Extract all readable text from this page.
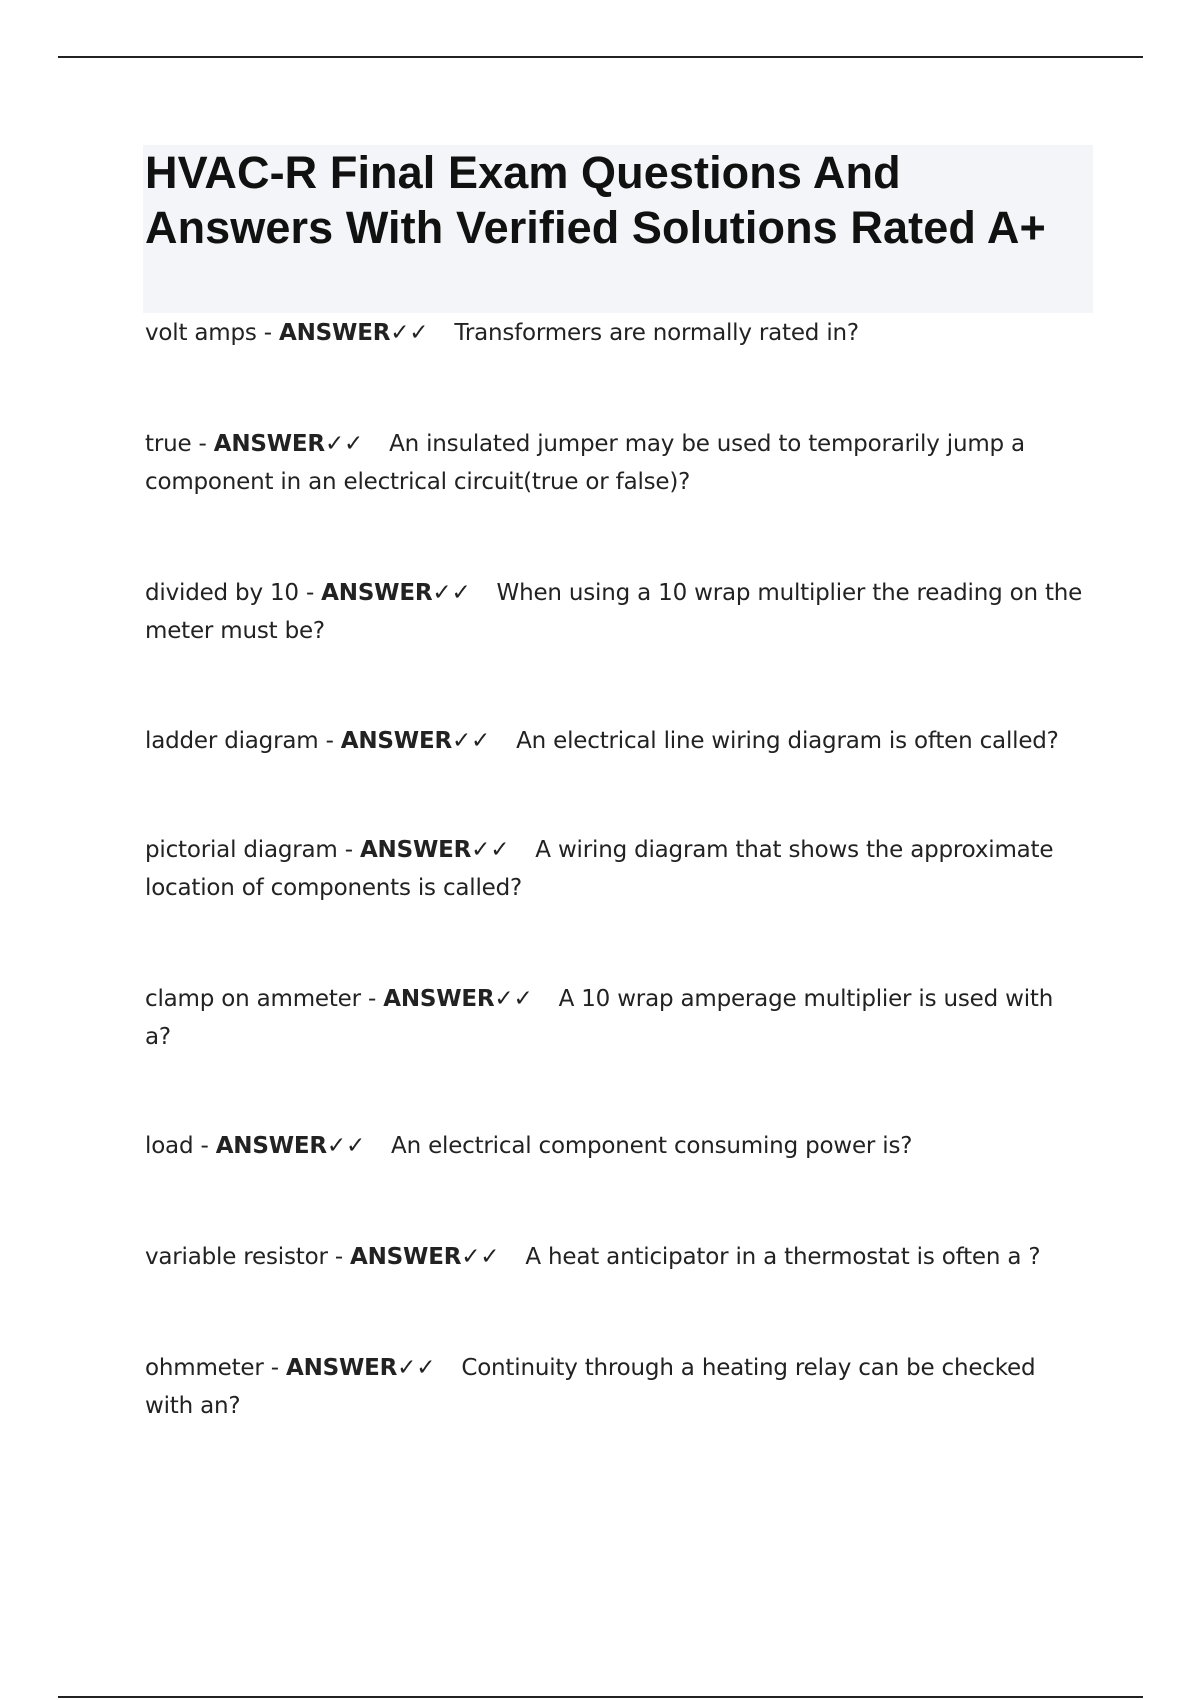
HVAC-R Final Exam Questions And Answers With Verified Solutions Rated A+

volt amps - ANSWER✓✓ Transformers are normally rated in?

true - ANSWER✓✓ An insulated jumper may be used to temporarily jump a component in an electrical circuit(true or false)?

divided by 10 - ANSWER✓✓ When using a 10 wrap multiplier the reading on the meter must be?

ladder diagram - ANSWER✓✓ An electrical line wiring diagram is often called?

pictorial diagram - ANSWER✓✓ A wiring diagram that shows the approximate location of components is called?

clamp on ammeter - ANSWER✓✓ A 10 wrap amperage multiplier is used with a?

load - ANSWER✓✓ An electrical component consuming power is?

variable resistor - ANSWER✓✓ A heat anticipator in a thermostat is often a ?

ohmmeter - ANSWER✓✓ Continuity through a heating relay can be checked with an?
